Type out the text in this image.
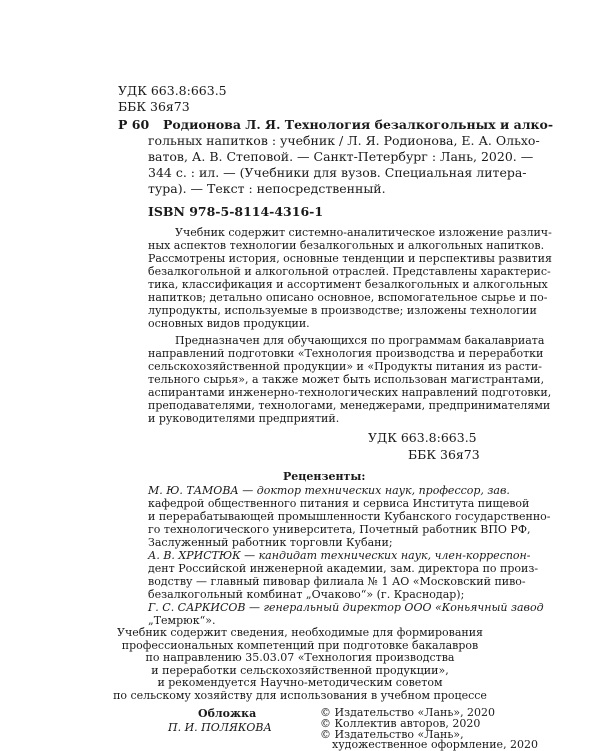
УДК 663.8:663.5
ББК 36я73
Р 60 Родионова Л. Я. Технология безалкогольных и алко-
гольных напитков : учебник / Л. Я. Родионова, Е. А. Ольхо-
ватов, А. В. Степовой. — Санкт-Петербург : Лань, 2020. —
344 с. : ил. — (Учебники для вузов. Специальная литера-
тура). — Текст : непосредственный.
ISBN 978-5-8114-4316-1
Учебник содержит системно-аналитическое изложение различ-
ных аспектов технологии безалкогольных и алкогольных напитков.
Рассмотрены история, основные тенденции и перспективы развития
безалкогольной и алкогольной отраслей. Представлены характерис-
тика, классификация и ассортимент безалкогольных и алкогольных
напитков; детально описано основное, вспомогательное сырье и по-
лупродукты, используемые в производстве; изложены технологии
основных видов продукции.
Предназначен для обучающихся по программам бакалавриата
направлений подготовки «Технология производства и переработки
сельскохозяйственной продукции» и «Продукты питания из расти-
тельного сырья», а также может быть использован магистрантами,
аспирантами инженерно-технологических направлений подготовки,
преподавателями, технологами, менеджерами, предпринимателями
и руководителями предприятий.
УДК 663.8:663.5
ББК 36я73
Рецензенты:
М. Ю. ТАМОВА — доктор технических наук, профессор, зав.
кафедрой общественного питания и сервиса Института пищевой
и перерабатывающей промышленности Кубанского государственно-
го технологического университета, Почетный работник ВПО РФ,
Заслуженный работник торговли Кубани;
А. В. ХРИСТЮК — кандидат технических наук, член-корреспон-
дент Российской инженерной академии, зам. директора по произ-
водству — главный пивовар филиала № 1 АО «Московский пиво-
безалкогольный комбинат „Очаково“» (г. Краснодар);
Г. С. САРКИСОВ — генеральный директор ООО «Коньячный завод
„Темрюк“».
Учебник содержит сведения, необходимые для формирования
профессиональных компетенций при подготовке бакалавров
по направлению 35.03.07 «Технология производства
и переработки сельскохозяйственной продукции»,
и рекомендуется Научно-методическим советом
по сельскому хозяйству для использования в учебном процессе
Обложка
П. И. ПОЛЯКОВА
© Издательство «Лань», 2020
© Коллектив авторов, 2020
© Издательство «Лань»,
художественное оформление, 2020
